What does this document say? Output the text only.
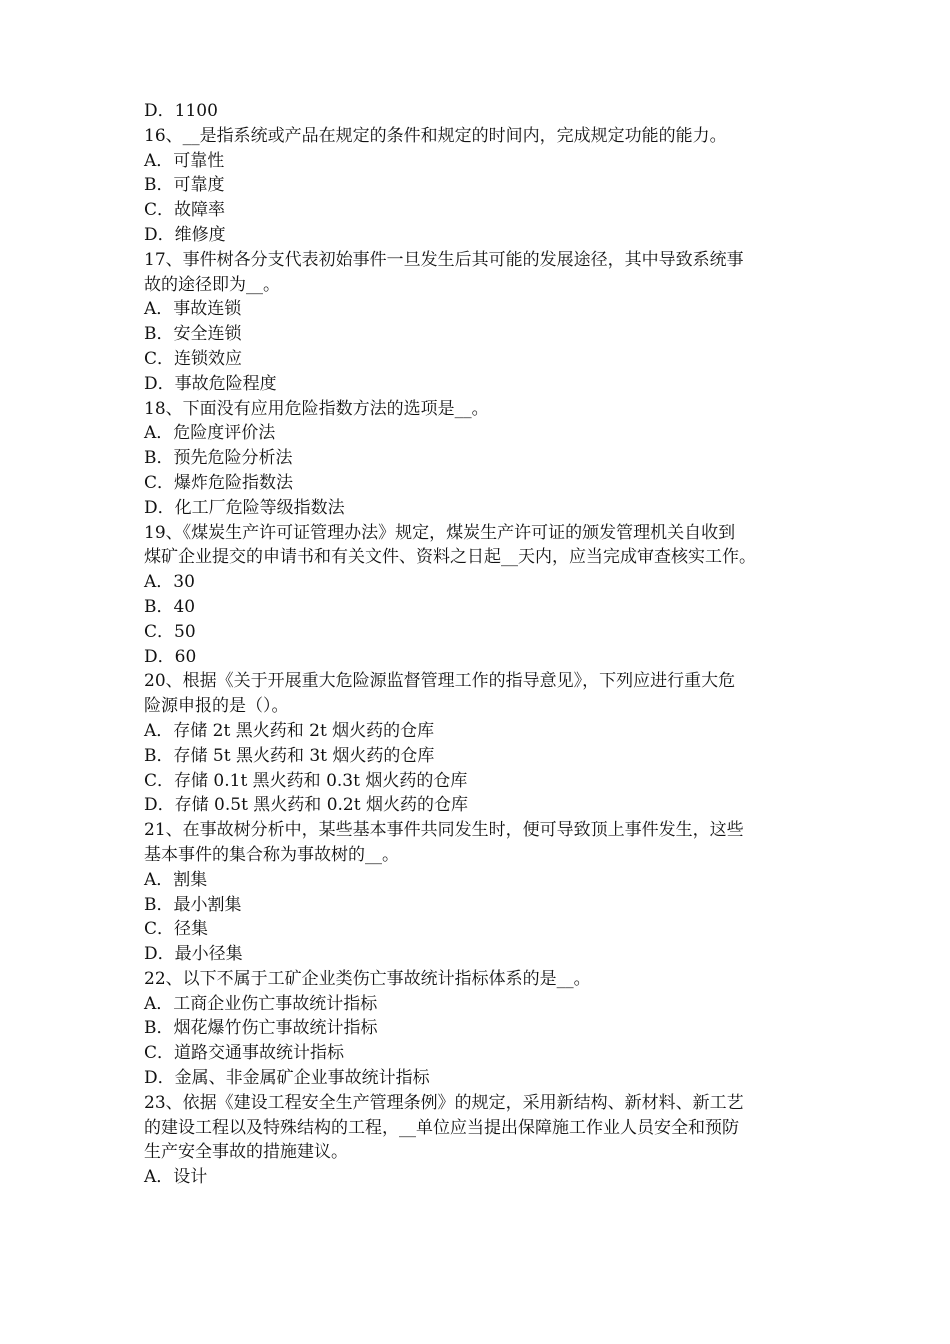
D．1100
16、__是指系统或产品在规定的条件和规定的时间内，完成规定功能的能力。
A．可靠性
B．可靠度
C．故障率
D．维修度
17、事件树各分支代表初始事件一旦发生后其可能的发展途径，其中导致系统事
故的途径即为__。
A．事故连锁
B．安全连锁
C．连锁效应
D．事故危险程度
18、下面没有应用危险指数方法的选项是__。
A．危险度评价法
B．预先危险分析法
C．爆炸危险指数法
D．化工厂危险等级指数法
19、《煤炭生产许可证管理办法》规定，煤炭生产许可证的颁发管理机关自收到
煤矿企业提交的申请书和有关文件、资料之日起__天内，应当完成审查核实工作。
A．30
B．40
C．50
D．60
20、根据《关于开展重大危险源监督管理工作的指导意见》，下列应进行重大危
险源申报的是（）。
A．存储 2t 黑火药和 2t 烟火药的仓库
B．存储 5t 黑火药和 3t 烟火药的仓库
C．存储 0.1t 黑火药和 0.3t 烟火药的仓库
D．存储 0.5t 黑火药和 0.2t 烟火药的仓库
21、在事故树分析中，某些基本事件共同发生时，便可导致顶上事件发生，这些
基本事件的集合称为事故树的__。
A．割集
B．最小割集
C．径集
D．最小径集
22、以下不属于工矿企业类伤亡事故统计指标体系的是__。
A．工商企业伤亡事故统计指标
B．烟花爆竹伤亡事故统计指标
C．道路交通事故统计指标
D．金属、非金属矿企业事故统计指标
23、依据《建设工程安全生产管理条例》的规定，采用新结构、新材料、新工艺
的建设工程以及特殊结构的工程，__单位应当提出保障施工作业人员安全和预防
生产安全事故的措施建议。
A．设计
